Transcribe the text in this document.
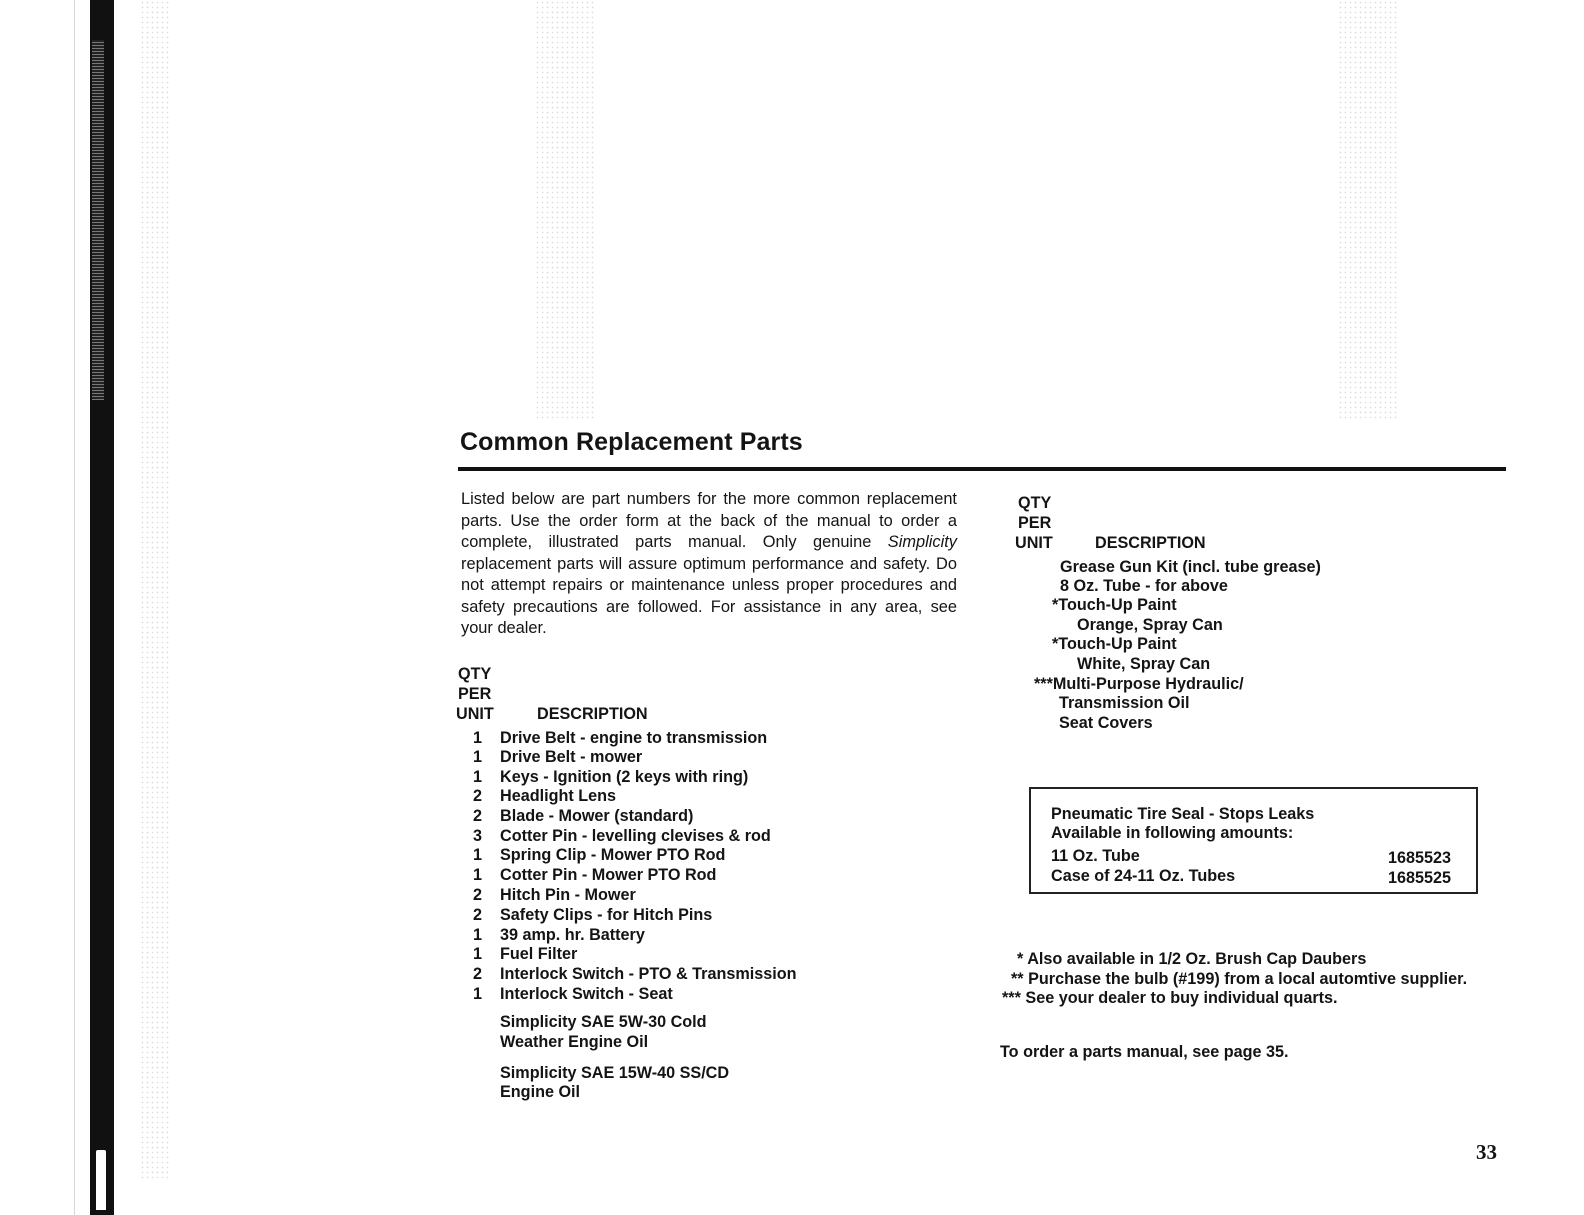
Common Replacement Parts

Listed below are part numbers for the more common replacement parts. Use the order form at the back of the manual to order a complete, illustrated parts manual. Only genuine Simplicity replacement parts will assure optimum performance and safety. Do not attempt repairs or maintenance unless proper procedures and safety precautions are followed. For assistance in any area, see your dealer.

QTY
PER
UNIT	DESCRIPTION
1 Drive Belt - engine to transmission
1 Drive Belt - mower
1 Keys - Ignition (2 keys with ring)
2 Headlight Lens
2 Blade - Mower (standard)
3 Cotter Pin - levelling clevises & rod
1 Spring Clip - Mower PTO Rod
1 Cotter Pin - Mower PTO Rod
2 Hitch Pin - Mower
2 Safety Clips - for Hitch Pins
1 39 amp. hr. Battery
1 Fuel Filter
2 Interlock Switch - PTO & Transmission
1 Interlock Switch - Seat
Simplicity SAE 5W-30 Cold
Weather Engine Oil
Simplicity SAE 15W-40 SS/CD
Engine Oil
QTY
PER
UNIT	DESCRIPTION
Grease Gun Kit (incl. tube grease)
8 Oz. Tube - for above
*Touch-Up Paint
Orange, Spray Can
*Touch-Up Paint
White, Spray Can
***Multi-Purpose Hydraulic/
Transmission Oil
Seat Covers
Pneumatic Tire Seal - Stops Leaks
Available in following amounts:
11 Oz. Tube	1685523
Case of 24-11 Oz. Tubes	1685525
* Also available in 1/2 Oz. Brush Cap Daubers
** Purchase the bulb (#199) from a local automtive supplier.
*** See your dealer to buy individual quarts.
To order a parts manual, see page 35.
33
